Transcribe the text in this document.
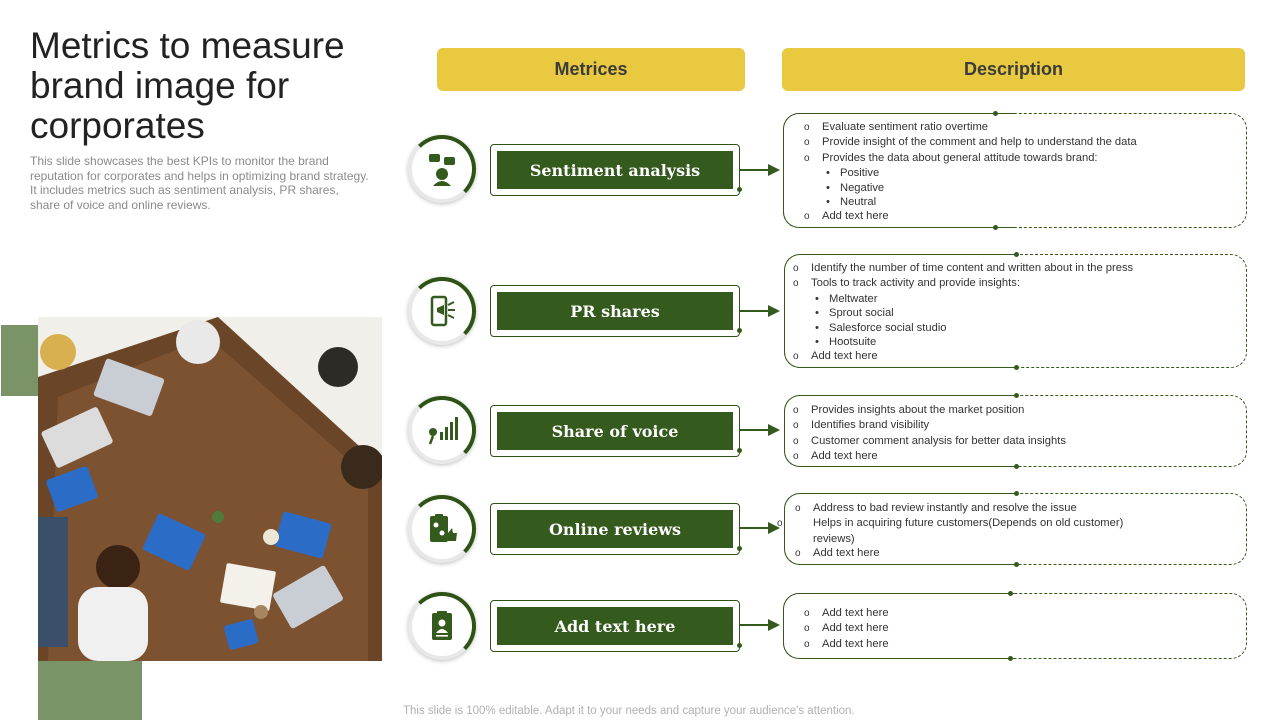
Metrics to measure brand image for corporates
This slide showcases the best KPIs to monitor the brand reputation for corporates and helps in optimizing brand strategy. It includes metrics such as sentiment analysis, PR shares, share of voice and online reviews.
Metrices	Description
Sentiment analysis
o Evaluate sentiment ratio overtime
o Provide insight of the comment and help to understand the data
o Provides the data about general attitude towards brand:
• Positive
• Negative
• Neutral
o Add text here
PR shares
o Identify the number of time content and written about in the press
o Tools to track activity and provide insights:
• Meltwater
• Sprout social
• Salesforce social studio
• Hootsuite
o Add text here
Share of voice
o Provides insights about the market position
o Identifies brand visibility
o Customer comment analysis for better data insights
o Add text here
Online reviews
o Address to bad review instantly and resolve the issue
o Helps in acquiring future customers(Depends on old customer) reviews)
o Add text here
Add text here
o Add text here
o Add text here
o Add text here
This slide is 100% editable. Adapt it to your needs and capture your audience's attention.
